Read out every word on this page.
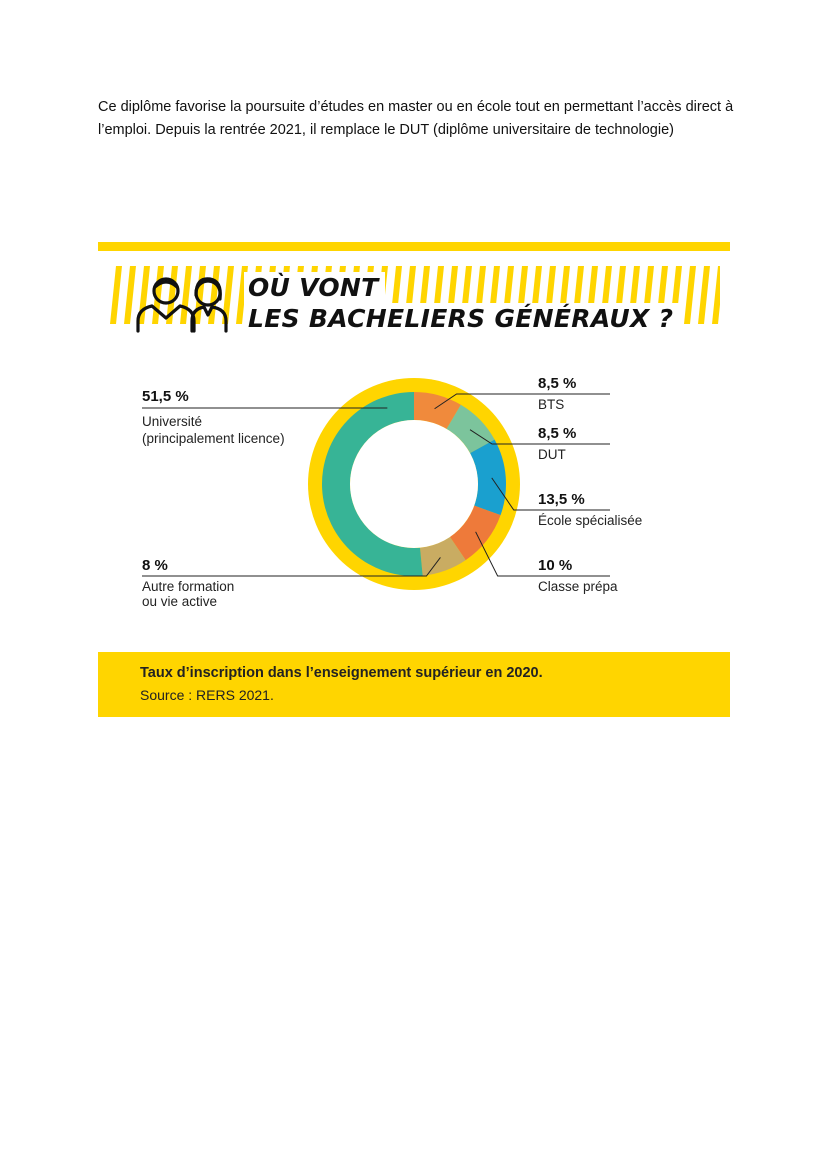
Ce diplôme favorise la poursuite d’études en master ou en école tout en permettant l’accès direct à
l’emploi. Depuis la rentrée 2021, il remplace le DUT (diplôme universitaire de technologie)

OÙ VONT
LES BACHELIERS GÉNÉRAUX ?
8,5 %
BTS
8,5 %
DUT
13,5 %
École spécialisée
10 %
Classe prépa
51,5 %
Université
(principalement licence)
8 %
Autre formation
ou vie active

Taux d’inscription dans l’enseignement supérieur en 2020.

Source : RERS 2021.
